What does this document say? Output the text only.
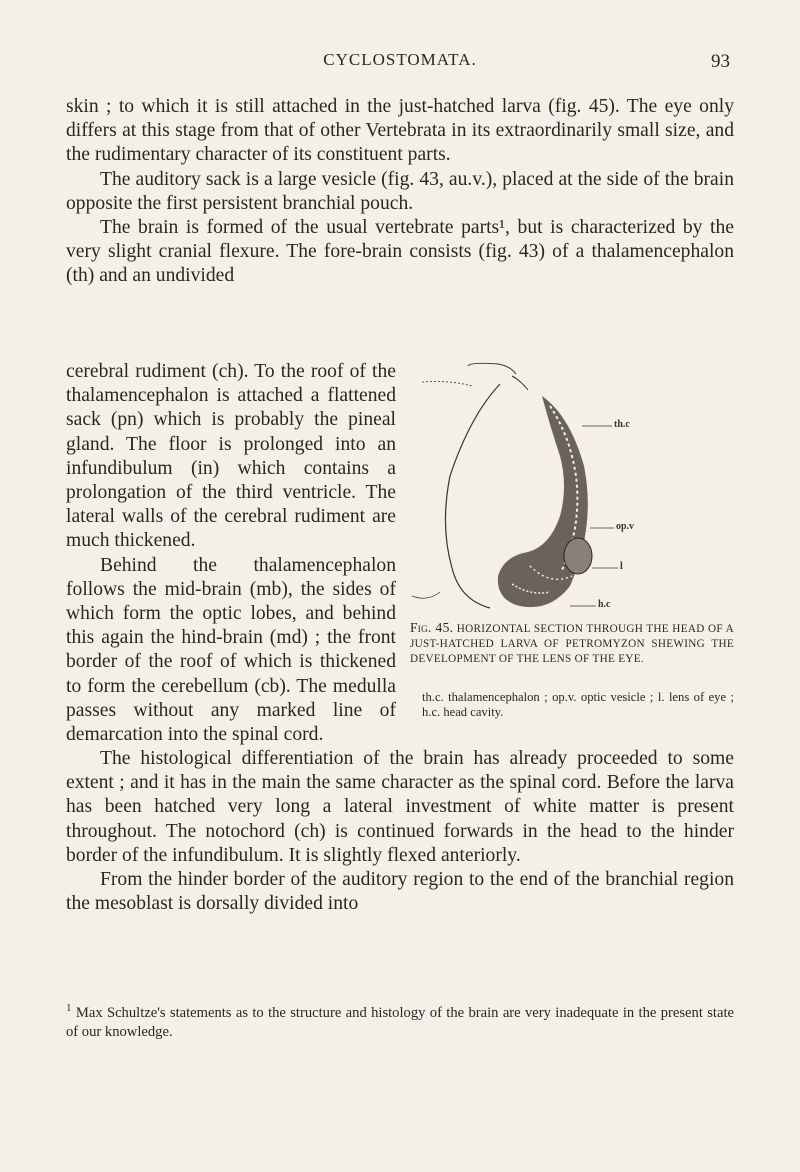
CYCLOSTOMATA.	93

skin ; to which it is still attached in the just-hatched larva (fig. 45). The eye only differs at this stage from that of other Vertebrata in its extraordinarily small size, and the rudimentary character of its constituent parts.

The auditory sack is a large vesicle (fig. 43, au.v.), placed at the side of the brain opposite the first persistent branchial pouch.

The brain is formed of the usual vertebrate parts¹, but is characterized by the very slight cranial flexure. The fore-brain consists (fig. 43) of a thalamencephalon (th) and an undivided

cerebral rudiment (ch). To the roof of the thalamencephalon is attached a flattened sack (pn) which is probably the pineal gland. The floor is prolonged into an infundibulum (in) which contains a prolongation of the third ventricle. The lateral walls of the cerebral rudiment are much thickened.

Behind the thalamencephalon follows the mid-brain (mb), the sides of which form the optic lobes, and behind this again the hind-brain (md) ; the front border of the roof of which is thickened to form the cerebellum (cb). The medulla passes without any marked line of demarcation into the spinal cord.

th.c
op.v
l
h.c
Fig. 45. HORIZONTAL SECTION THROUGH THE HEAD OF A JUST-HATCHED LARVA OF PETROMYZON SHEWING THE DEVELOPMENT OF THE LENS OF THE EYE.
th.c. thalamencephalon ; op.v. optic vesicle ; l. lens of eye ; h.c. head cavity.

The histological differentiation of the brain has already proceeded to some extent ; and it has in the main the same character as the spinal cord. Before the larva has been hatched very long a lateral investment of white matter is present throughout. The notochord (ch) is continued forwards in the head to the hinder border of the infundibulum. It is slightly flexed anteriorly.

From the hinder border of the auditory region to the end of the branchial region the mesoblast is dorsally divided into

$^1$ Max Schultze's statements as to the structure and histology of the brain are very inadequate in the present state of our knowledge.
